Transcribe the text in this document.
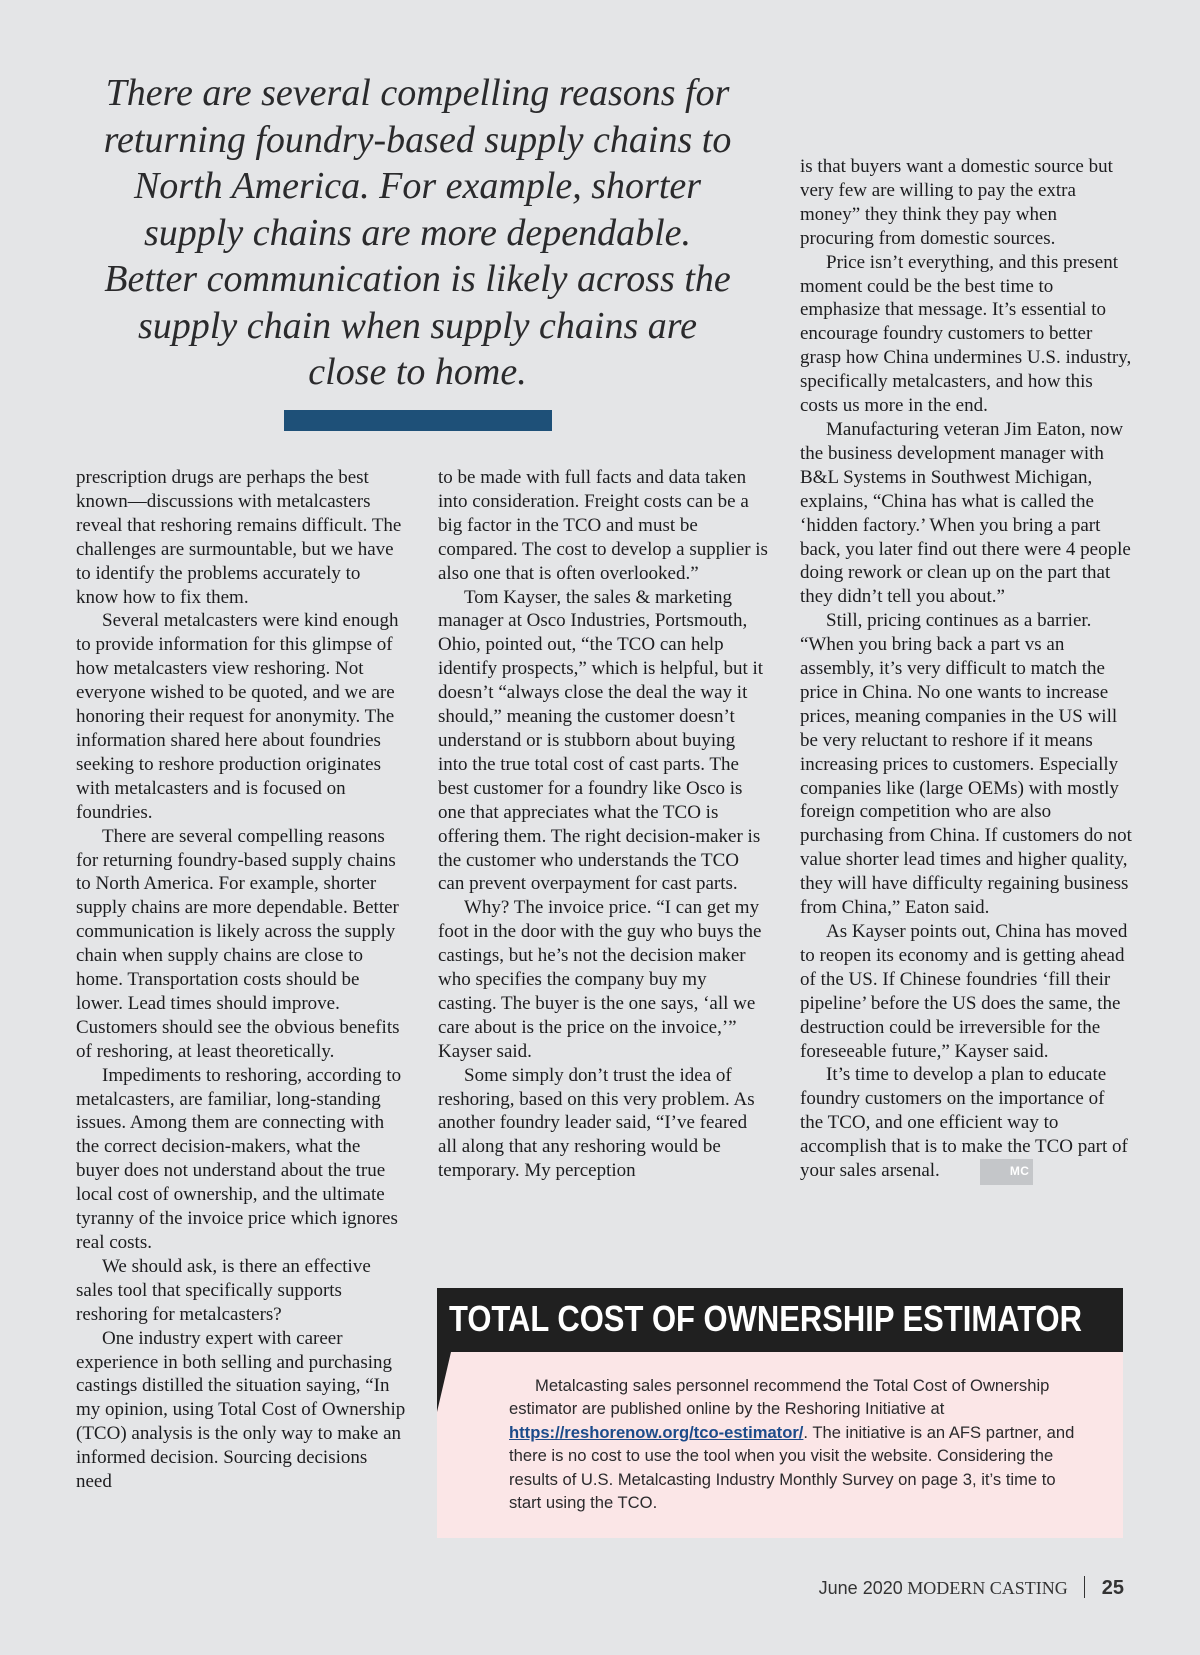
There are several compelling reasons for returning foundry-based supply chains to North America. For example, shorter supply chains are more dependable. Better communication is likely across the supply chain when supply chains are close to home.

prescription drugs are perhaps the best known—discussions with metalcasters reveal that reshoring remains difficult. The challenges are surmountable, but we have to identify the problems accurately to know how to fix them.

Several metalcasters were kind enough to provide information for this glimpse of how metalcasters view reshoring. Not everyone wished to be quoted, and we are honoring their request for anonymity. The information shared here about foundries seeking to reshore production originates with metalcasters and is focused on foundries.

There are several compelling reasons for returning foundry-based supply chains to North America. For example, shorter supply chains are more dependable. Better communication is likely across the supply chain when supply chains are close to home. Transportation costs should be lower. Lead times should improve. Customers should see the obvious benefits of reshoring, at least theoretically.

Impediments to reshoring, according to metalcasters, are familiar, long-standing issues. Among them are connecting with the correct decision-makers, what the buyer does not understand about the true local cost of ownership, and the ultimate tyranny of the invoice price which ignores real costs.

We should ask, is there an effective sales tool that specifically supports reshoring for metalcasters?

One industry expert with career experience in both selling and purchasing castings distilled the situation saying, “In my opinion, using Total Cost of Ownership (TCO) analysis is the only way to make an informed decision. Sourcing decisions need

to be made with full facts and data taken into consideration. Freight costs can be a big factor in the TCO and must be compared. The cost to develop a supplier is also one that is often overlooked.”

Tom Kayser, the sales & marketing manager at Osco Industries, Portsmouth, Ohio, pointed out, “the TCO can help identify prospects,” which is helpful, but it doesn’t “always close the deal the way it should,” meaning the customer doesn’t understand or is stubborn about buying into the true total cost of cast parts. The best customer for a foundry like Osco is one that appreciates what the TCO is offering them. The right decision-maker is the customer who understands the TCO can prevent overpayment for cast parts.

Why? The invoice price. “I can get my foot in the door with the guy who buys the castings, but he’s not the decision maker who specifies the company buy my casting. The buyer is the one says, ‘all we care about is the price on the invoice,’” Kayser said.

Some simply don’t trust the idea of reshoring, based on this very problem. As another foundry leader said, “I’ve feared all along that any reshoring would be temporary. My perception

is that buyers want a domestic source but very few are willing to pay the extra money” they think they pay when procuring from domestic sources.

Price isn’t everything, and this present moment could be the best time to emphasize that message. It’s essential to encourage foundry customers to better grasp how China undermines U.S. industry, specifically metalcasters, and how this costs us more in the end.

Manufacturing veteran Jim Eaton, now the business development manager with B&L Systems in Southwest Michigan, explains, “China has what is called the ‘hidden factory.’ When you bring a part back, you later find out there were 4 people doing rework or clean up on the part that they didn’t tell you about.”

Still, pricing continues as a barrier. “When you bring back a part vs an assembly, it’s very difficult to match the price in China. No one wants to increase prices, meaning companies in the US will be very reluctant to reshore if it means increasing prices to customers. Especially companies like (large OEMs) with mostly foreign competition who are also purchasing from China. If customers do not value shorter lead times and higher quality, they will have difficulty regaining business from China,” Eaton said.

As Kayser points out, China has moved to reopen its economy and is getting ahead of the US. If Chinese foundries ‘fill their pipeline’ before the US does the same, the destruction could be irreversible for the foreseeable future,” Kayser said.

It’s time to develop a plan to educate foundry customers on the importance of the TCO, and one efficient way to accomplish that is to make the TCO part of your sales arsenal.	MC

TOTAL COST OF OWNERSHIP ESTIMATOR

Metalcasting sales personnel recommend the Total Cost of Ownership estimator are published online by the Reshoring Initiative at https://reshorenow.org/tco-estimator/. The initiative is an AFS partner, and there is no cost to use the tool when you visit the website. Considering the results of U.S. Metalcasting Industry Monthly Survey on page 3, it’s time to start using the TCO.

June 2020 MODERN CASTING 25
